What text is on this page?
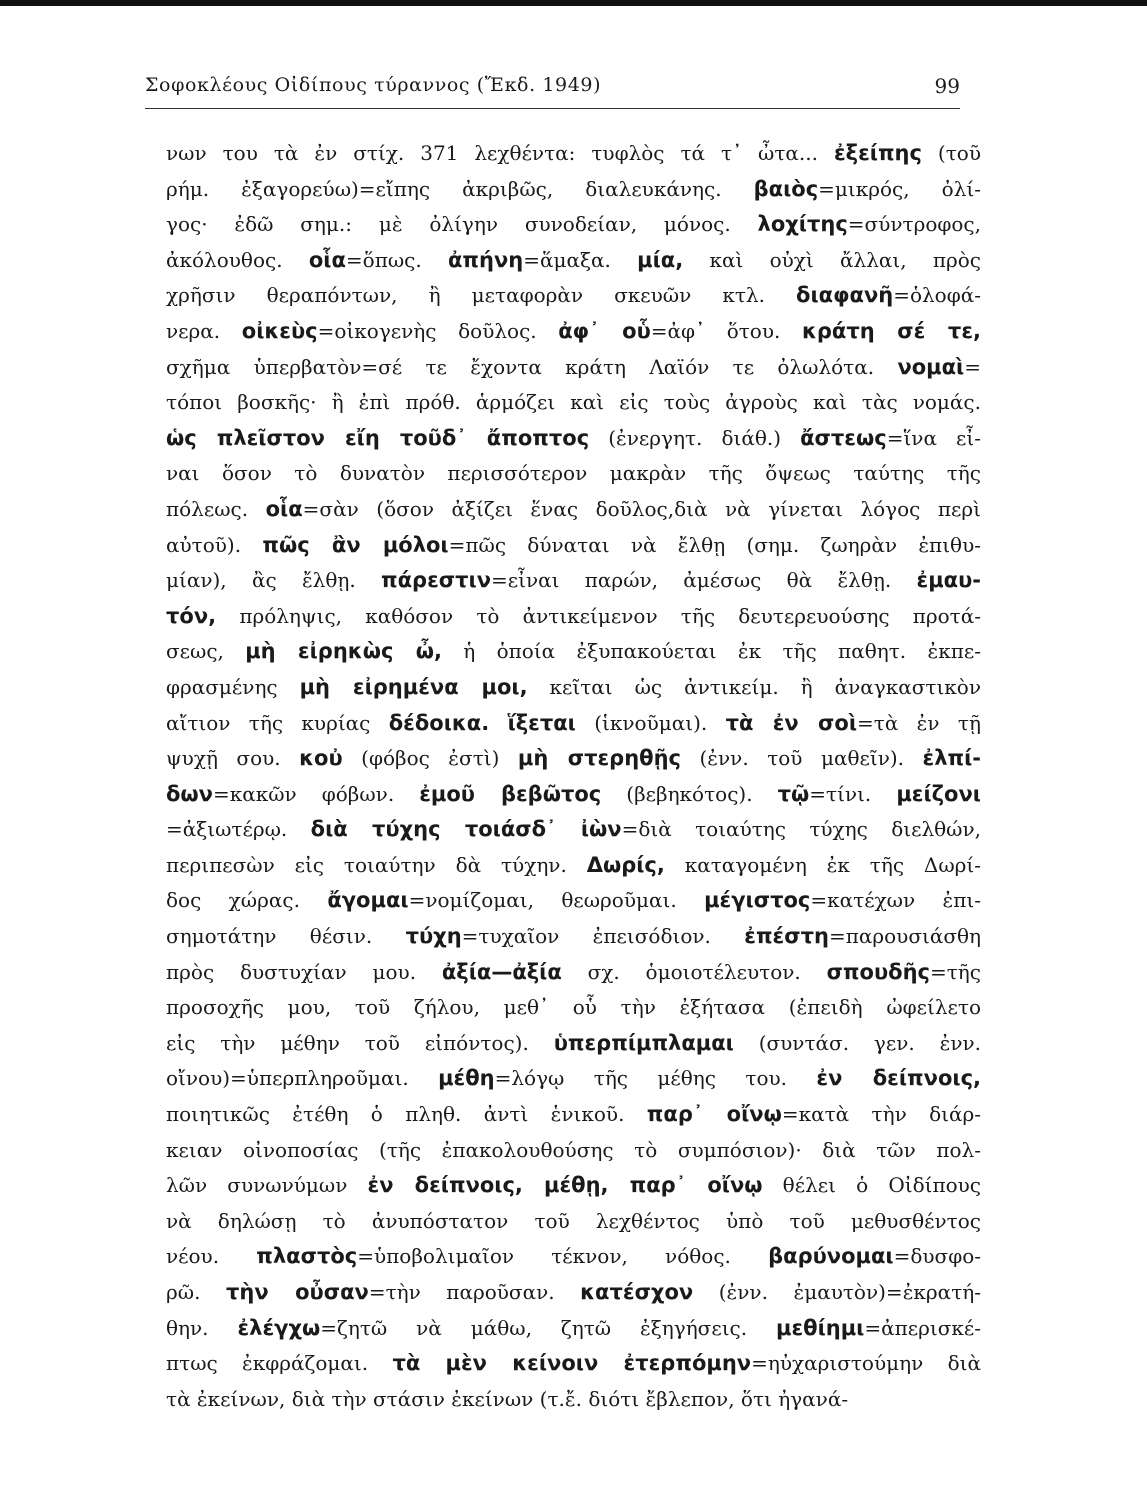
Σοφοκλέους Οἰδίπους τύραννος (Ἔκδ. 1949)	99
νων του τὰ ἐν στίχ. 371 λεχθέντα: τυφλὸς τά τ᾽ ὦτα... ἐξείπης (τοῦ
ρήμ. ἐξαγορεύω)=εἴπης ἀκριβῶς, διαλευκάνης. βαιὸς=μικρός, ὀλί-
γος· ἐδῶ σημ.: μὲ ὀλίγην συνοδείαν, μόνος. λοχίτης=σύντροφος,
ἀκόλουθος. οἷα=ὅπως. ἀπήνη=ἅμαξα. μία, καὶ οὐχὶ ἄλλαι, πρὸς
χρῆσιν θεραπόντων, ἢ μεταφορὰν σκευῶν κτλ. διαφανῆ=ὁλοφά-
νερα. οἰκεὺς=οἰκογενὴς δοῦλος. ἀφ᾽ οὗ=ἀφ᾽ ὅτου. κράτη σέ τε,
σχῆμα ὑπερβατὸν=σέ τε ἔχοντα κράτη Λαϊόν τε ὀλωλότα. νομαὶ=
τόποι βοσκῆς· ἢ ἐπὶ πρόθ. ἁρμόζει καὶ εἰς τοὺς ἀγροὺς καὶ τὰς νομάς.
ὡς πλεῖστον εἴη τοῦδ᾽ ἄποπτος (ἐνεργητ. διάθ.) ἄστεως=ἵνα εἶ-
ναι ὅσον τὸ δυνατὸν περισσότερον μακρὰν τῆς ὄψεως ταύτης τῆς
πόλεως. οἷα=σὰν (ὅσον ἀξίζει ἕνας δοῦλος,διὰ νὰ γίνεται λόγος περὶ
αὐτοῦ). πῶς ἂν μόλοι=πῶς δύναται νὰ ἔλθῃ (σημ. ζωηρὰν ἐπιθυ-
μίαν), ἂς ἔλθῃ. πάρεστιν=εἶναι παρών, ἀμέσως θὰ ἔλθῃ. ἐμαυ-
τόν, πρόληψις, καθόσον τὸ ἀντικείμενον τῆς δευτερευούσης προτά-
σεως, μὴ εἰρηκὼς ὦ, ἡ ὁποία ἐξυπακούεται ἐκ τῆς παθητ. ἐκπε-
φρασμένης μὴ εἰρημένα μοι, κεῖται ὡς ἀντικείμ. ἢ ἀναγκαστικὸν
αἴτιον τῆς κυρίας δέδοικα. ἵξεται (ἱκνοῦμαι). τὰ ἐν σοὶ=τὰ ἐν τῇ
ψυχῇ σου. κοὐ (φόβος ἐστὶ) μὴ στερηθῇς (ἐνν. τοῦ μαθεῖν). ἐλπί-
δων=κακῶν φόβων. ἐμοῦ βεβῶτος (βεβηκότος). τῷ=τίνι. μείζονι
=ἀξιωτέρῳ. διὰ τύχης τοιάσδ᾽ ἰὼν=διὰ τοιαύτης τύχης διελθών,
περιπεσὼν εἰς τοιαύτην δὰ τύχην. Δωρίς, καταγομένη ἐκ τῆς Δωρί-
δος χώρας. ἄγομαι=νομίζομαι, θεωροῦμαι. μέγιστος=κατέχων ἐπι-
σημοτάτην θέσιν. τύχη=τυχαῖον ἐπεισόδιον. ἐπέστη=παρουσιάσθη
πρὸς δυστυχίαν μου. ἀξία—ἀξία σχ. ὁμοιοτέλευτον. σπουδῆς=τῆς
προσοχῆς μου, τοῦ ζήλου, μεθ᾽ οὗ τὴν ἐξήτασα (ἐπειδὴ ὠφείλετο
εἰς τὴν μέθην τοῦ εἰπόντος). ὑπερπίμπλαμαι (συντάσ. γεν. ἐνν.
οἴνου)=ὑπερπληροῦμαι. μέθη=λόγῳ τῆς μέθης του. ἐν δείπνοις,
ποιητικῶς ἐτέθη ὁ πληθ. ἀντὶ ἑνικοῦ. παρ᾽ οἴνῳ=κατὰ τὴν διάρ-
κειαν οἰνοποσίας (τῆς ἐπακολουθούσης τὸ συμπόσιον)· διὰ τῶν πολ-
λῶν συνωνύμων ἐν δείπνοις, μέθῃ, παρ᾽ οἴνῳ θέλει ὁ Οἰδίπους
νὰ δηλώσῃ τὸ ἀνυπόστατον τοῦ λεχθέντος ὑπὸ τοῦ μεθυσθέντος
νέου. πλαστὸς=ὑποβολιμαῖον τέκνον, νόθος. βαρύνομαι=δυσφο-
ρῶ. τὴν οὖσαν=τὴν παροῦσαν. κατέσχον (ἐνν. ἐμαυτὸν)=ἐκρατή-
θην. ἐλέγχω=ζητῶ νὰ μάθω, ζητῶ ἐξηγήσεις. μεθίημι=ἀπερισκέ-
πτως ἐκφράζομαι. τὰ μὲν κείνοιν ἐτερπόμην=ηὐχαριστούμην διὰ
τὰ ἐκείνων, διὰ τὴν στάσιν ἐκείνων (τ.ἔ. διότι ἔβλεπον, ὅτι ἠγανά-
